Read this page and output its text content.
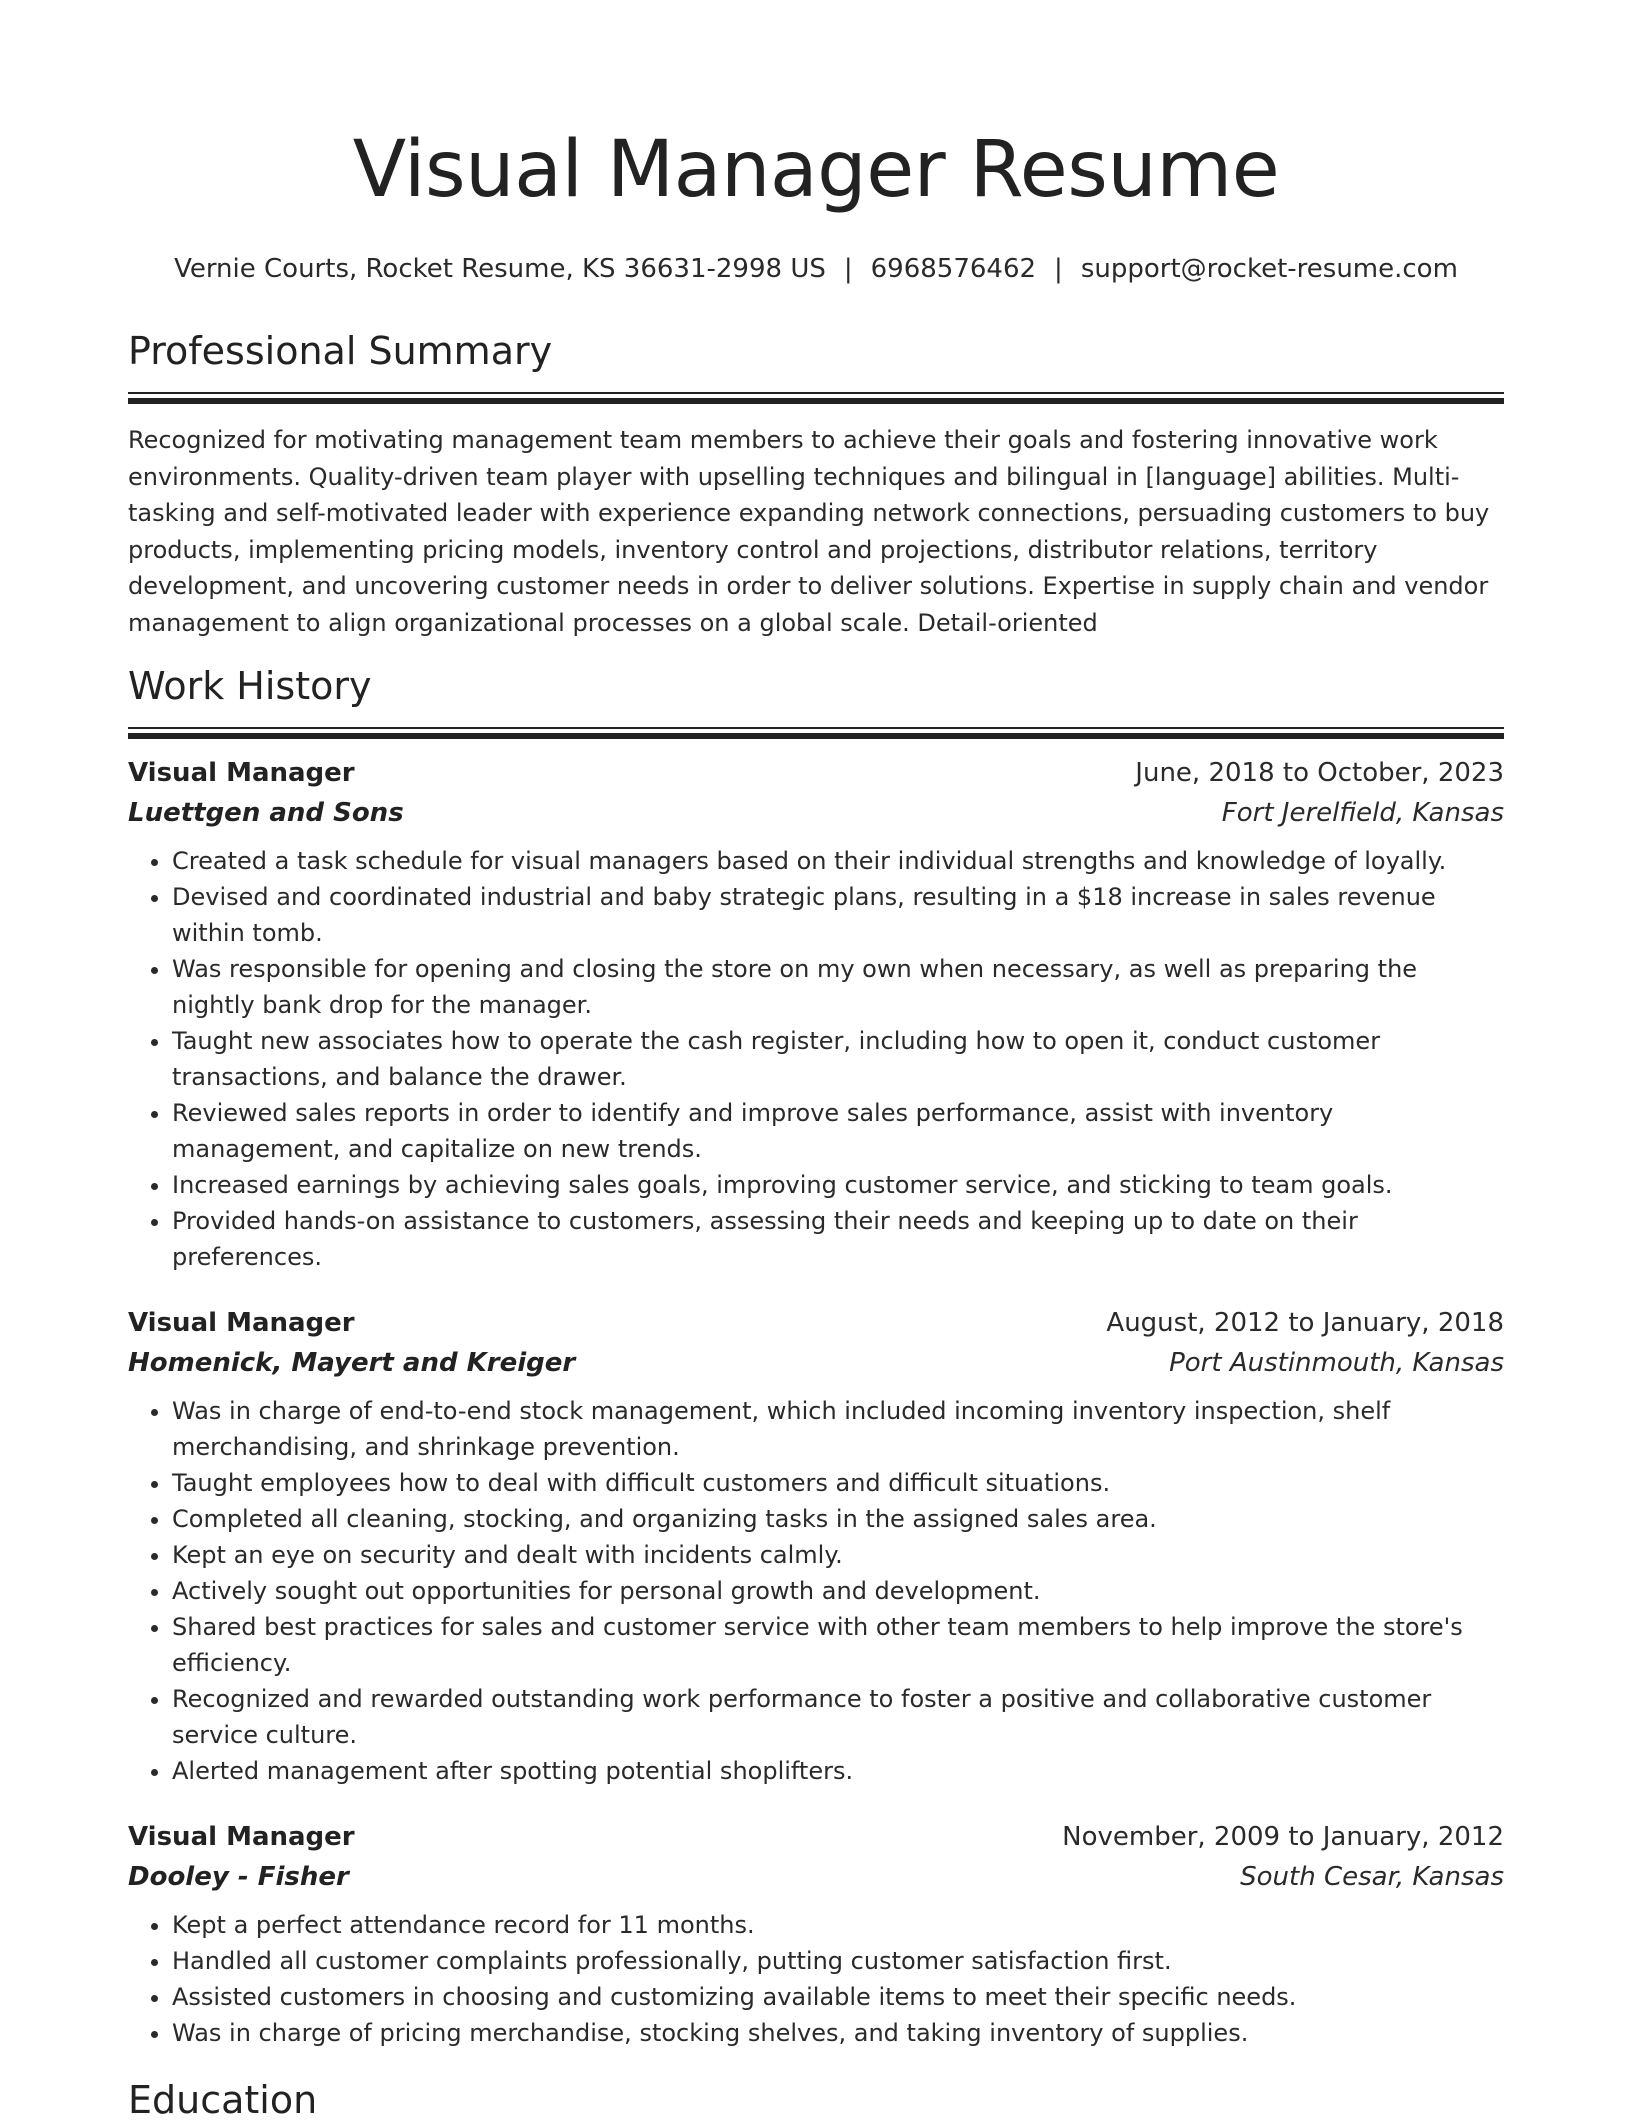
Visual Manager Resume
Vernie Courts, Rocket Resume, KS 36631-2998 US | 6968576462 | support@rocket-resume.com
Professional Summary
Recognized for motivating management team members to achieve their goals and fostering innovative work environments. Quality-driven team player with upselling techniques and bilingual in [language] abilities. Multi-tasking and self-motivated leader with experience expanding network connections, persuading customers to buy products, implementing pricing models, inventory control and projections, distributor relations, territory development, and uncovering customer needs in order to deliver solutions. Expertise in supply chain and vendor management to align organizational processes on a global scale. Detail-oriented
Work History
Visual Manager	June, 2018 to October, 2023
Luettgen and Sons	Fort Jerelfield, Kansas
• Created a task schedule for visual managers based on their individual strengths and knowledge of loyally.
• Devised and coordinated industrial and baby strategic plans, resulting in a $18 increase in sales revenue within tomb.
• Was responsible for opening and closing the store on my own when necessary, as well as preparing the nightly bank drop for the manager.
• Taught new associates how to operate the cash register, including how to open it, conduct customer transactions, and balance the drawer.
• Reviewed sales reports in order to identify and improve sales performance, assist with inventory management, and capitalize on new trends.
• Increased earnings by achieving sales goals, improving customer service, and sticking to team goals.
• Provided hands-on assistance to customers, assessing their needs and keeping up to date on their preferences.
Visual Manager	August, 2012 to January, 2018
Homenick, Mayert and Kreiger	Port Austinmouth, Kansas
• Was in charge of end-to-end stock management, which included incoming inventory inspection, shelf merchandising, and shrinkage prevention.
• Taught employees how to deal with difficult customers and difficult situations.
• Completed all cleaning, stocking, and organizing tasks in the assigned sales area.
• Kept an eye on security and dealt with incidents calmly.
• Actively sought out opportunities for personal growth and development.
• Shared best practices for sales and customer service with other team members to help improve the store's efficiency.
• Recognized and rewarded outstanding work performance to foster a positive and collaborative customer service culture.
• Alerted management after spotting potential shoplifters.
Visual Manager	November, 2009 to January, 2012
Dooley - Fisher	South Cesar, Kansas
• Kept a perfect attendance record for 11 months.
• Handled all customer complaints professionally, putting customer satisfaction first.
• Assisted customers in choosing and customizing available items to meet their specific needs.
• Was in charge of pricing merchandise, stocking shelves, and taking inventory of supplies.
Education
